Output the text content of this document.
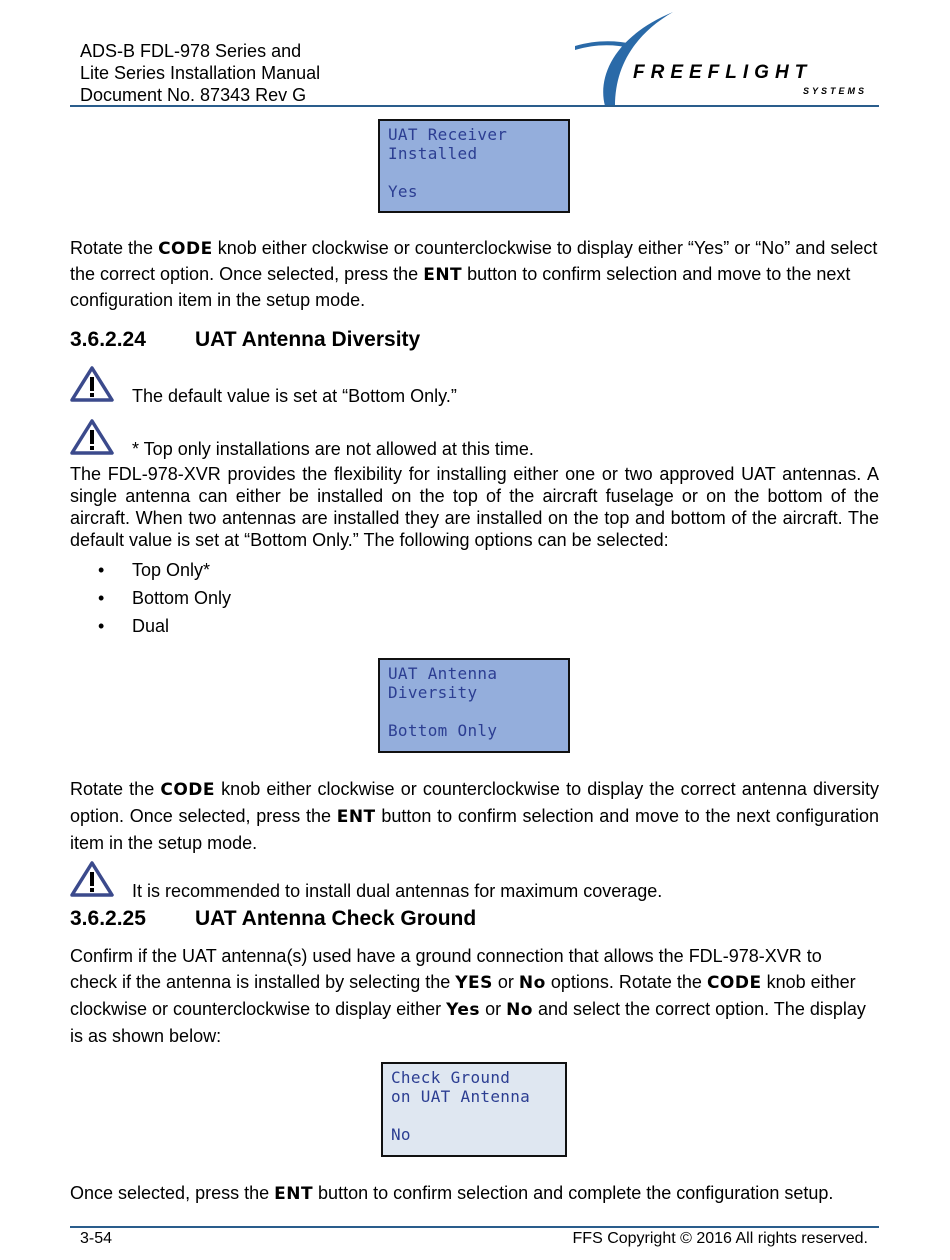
ADS-B FDL-978 Series and
Lite Series Installation Manual
Document No. 87343 Rev G
FREEFLIGHT
SYSTEMS
UAT Receiver
Installed
Yes
Rotate the CODE knob either clockwise or counterclockwise to display either “Yes” or “No” and select the correct option. Once selected, press the ENT button to confirm selection and move to the next configuration item in the setup mode.
3.6.2.24 UAT Antenna Diversity
The default value is set at “Bottom Only.”
* Top only installations are not allowed at this time.
The FDL-978-XVR provides the flexibility for installing either one or two approved UAT antennas. A single antenna can either be installed on the top of the aircraft fuselage or on the bottom of the aircraft. When two antennas are installed they are installed on the top and bottom of the aircraft. The default value is set at “Bottom Only.” The following options can be selected:
• Top Only*
• Bottom Only
• Dual
UAT Antenna
Diversity
Bottom Only
Rotate the CODE knob either clockwise or counterclockwise to display the correct antenna diversity option. Once selected, press the ENT button to confirm selection and move to the next configuration item in the setup mode.
It is recommended to install dual antennas for maximum coverage.
3.6.2.25 UAT Antenna Check Ground
Confirm if the UAT antenna(s) used have a ground connection that allows the FDL-978-XVR to check if the antenna is installed by selecting the YES or No options. Rotate the CODE knob either clockwise or counterclockwise to display either Yes or No and select the correct option. The display is as shown below:
Check Ground
on UAT Antenna
No
Once selected, press the ENT button to confirm selection and complete the configuration setup.
3-54	FFS Copyright © 2016 All rights reserved.
